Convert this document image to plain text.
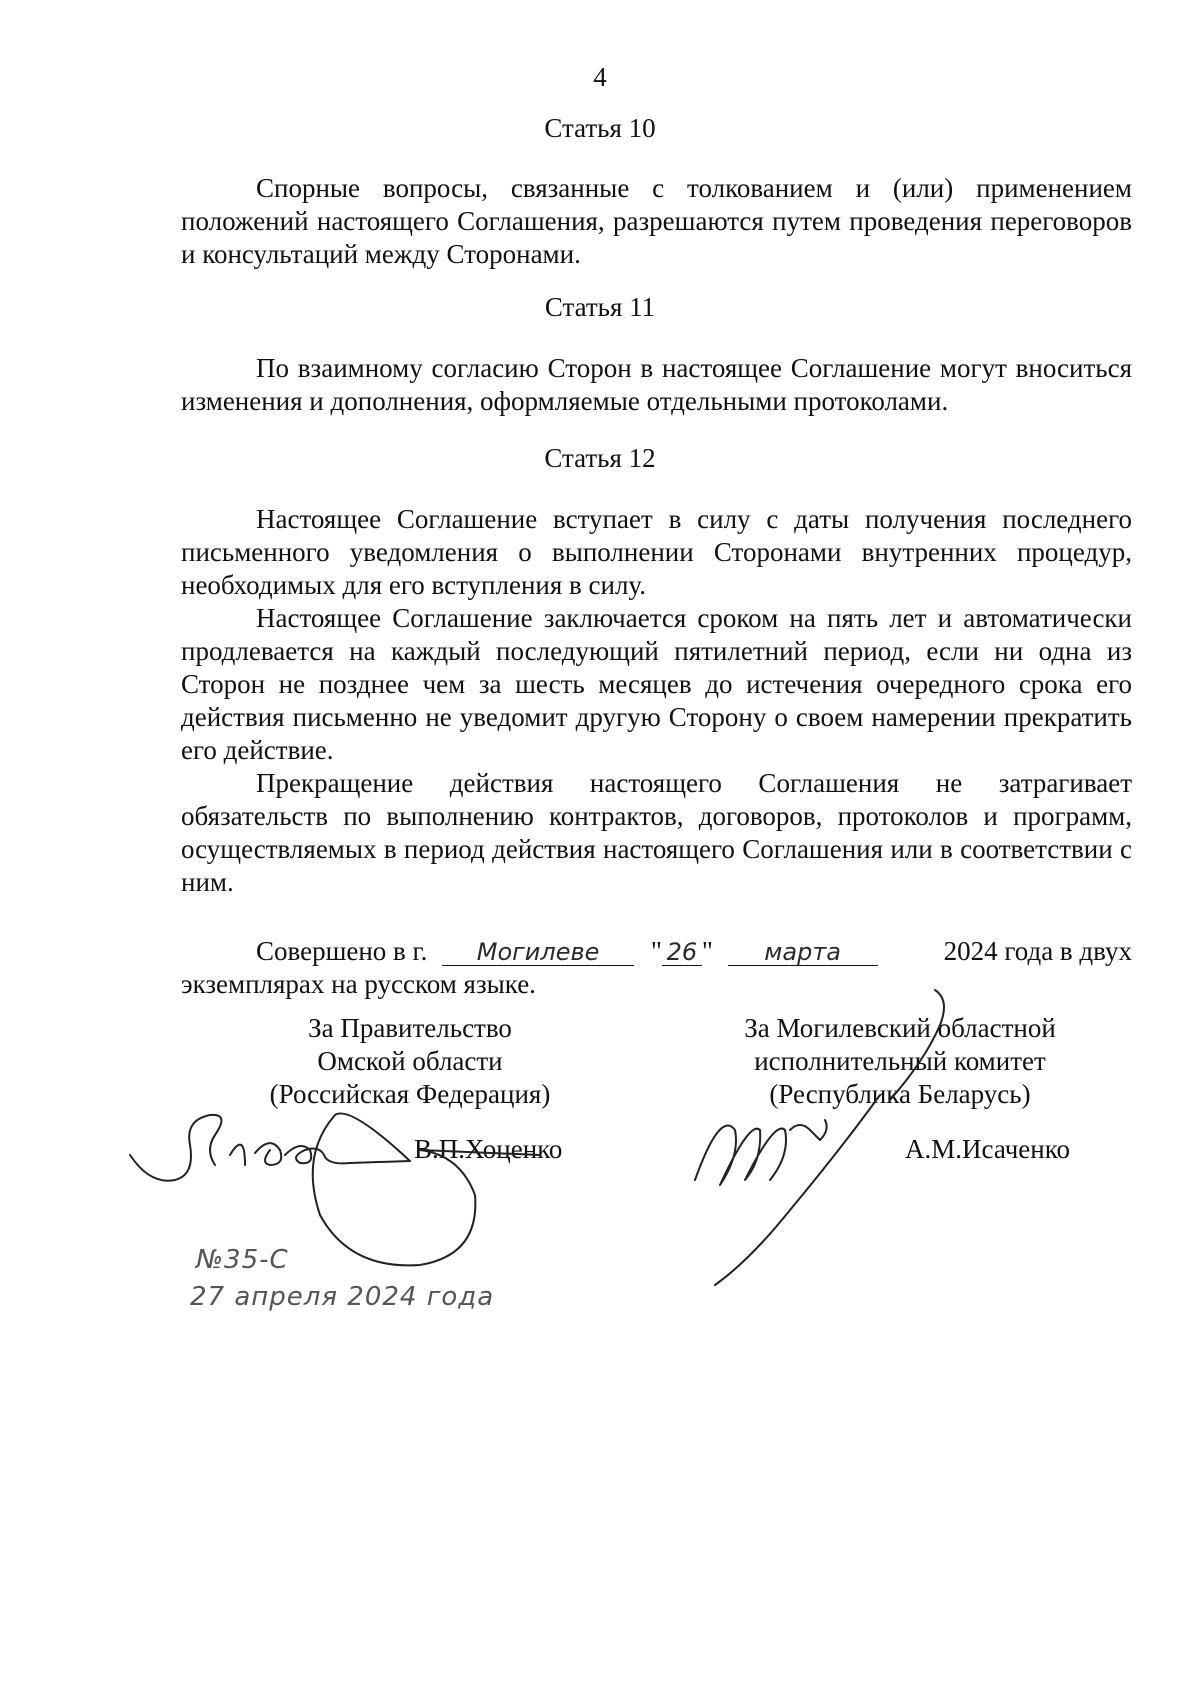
4
Статья 10

Спорные вопросы, связанные с толкованием и (или) применением положений настоящего Соглашения, разрешаются путем проведения переговоров и консультаций между Сторонами.

Статья 11

По взаимному согласию Сторон в настоящее Соглашение могут вноситься изменения и дополнения, оформляемые отдельными протоколами.

Статья 12

Настоящее Соглашение вступает в силу с даты получения последнего письменного уведомления о выполнении Сторонами внутренних процедур, необходимых для его вступления в силу.

Настоящее Соглашение заключается сроком на пять лет и автоматически продлевается на каждый последующий пятилетний период, если ни одна из Сторон не позднее чем за шесть месяцев до истечения очередного срока его действия письменно не уведомит другую Сторону о своем намерении прекратить его действие.

Прекращение действия настоящего Соглашения не затрагивает обязательств по выполнению контрактов, договоров, протоколов и программ, осуществляемых в период действия настоящего Соглашения или в соответствии с ним.

Совершено в г. Могилеве " 26 " марта	2024 года в двух
экземплярах на русском языке.
За Правительство
Омской области
(Российская Федерация)
В.П.Хоценко
За Могилевский областной
исполнительный комитет
(Республика Беларусь)
А.М.Исаченко
№35-С
27 апреля 2024 года
